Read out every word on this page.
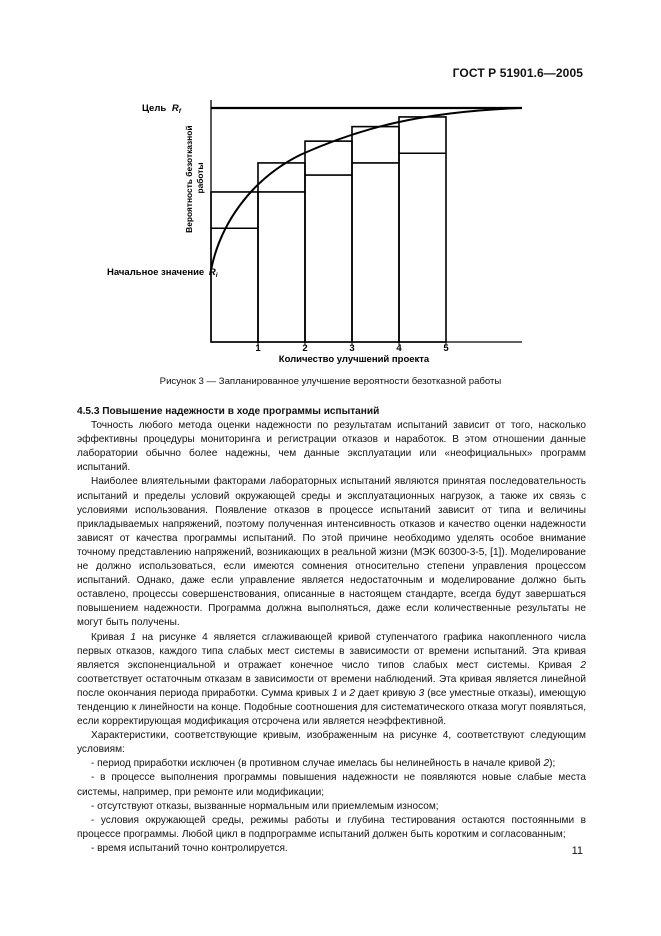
ГОСТ Р 51901.6—2005
1	2	3	4	5
Цель $R_f$
Начальное значение $R_i$
Вероятность безотказной работы
Количество улучшений проекта
Рисунок 3 — Запланированное улучшение вероятности безотказной работы

4.5.3 Повышение надежности в ходе программы испытаний

Точность любого метода оценки надежности по результатам испытаний зависит от того, насколько эффективны процедуры мониторинга и регистрации отказов и наработок. В этом отношении данные лаборатории обычно более надежны, чем данные эксплуатации или «неофициальных» программ испытаний.

Наиболее влиятельными факторами лабораторных испытаний являются принятая последовательность испытаний и пределы условий окружающей среды и эксплуатационных нагрузок, а также их связь с условиями использования. Появление отказов в процессе испытаний зависит от типа и величины прикладываемых напряжений, поэтому полученная интенсивность отказов и качество оценки надежности зависят от качества программы испытаний. По этой причине необходимо уделять особое внимание точному представлению напряжений, возникающих в реальной жизни (МЭК 60300-3-5, [1]). Моделирование не должно использоваться, если имеются сомнения относительно степени управления процессом испытаний. Однако, даже если управление является недостаточным и моделирование должно быть оставлено, процессы совершенствования, описанные в настоящем стандарте, всегда будут завершаться повышением надежности. Программа должна выполняться, даже если количественные результаты не могут быть получены.

Кривая 1 на рисунке 4 является сглаживающей кривой ступенчатого графика накопленного числа первых отказов, каждого типа слабых мест системы в зависимости от времени испытаний. Эта кривая является экспоненциальной и отражает конечное число типов слабых мест системы. Кривая 2 соответствует остаточным отказам в зависимости от времени наблюдений. Эта кривая является линейной после окончания периода приработки. Сумма кривых 1 и 2 дает кривую 3 (все уместные отказы), имеющую тенденцию к линейности на конце. Подобные соотношения для систематического отказа могут появляться, если корректирующая модификация отсрочена или является неэффективной.

Характеристики, соответствующие кривым, изображенным на рисунке 4, соответствуют следующим условиям:

- период приработки исключен (в противном случае имелась бы нелинейность в начале кривой 2);

- в процессе выполнения программы повышения надежности не появляются новые слабые места системы, например, при ремонте или модификации;

- отсутствуют отказы, вызванные нормальным или приемлемым износом;

- условия окружающей среды, режимы работы и глубина тестирования остаются постоянными в процессе программы. Любой цикл в подпрограмме испытаний должен быть коротким и согласованным;

- время испытаний точно контролируется.	11
